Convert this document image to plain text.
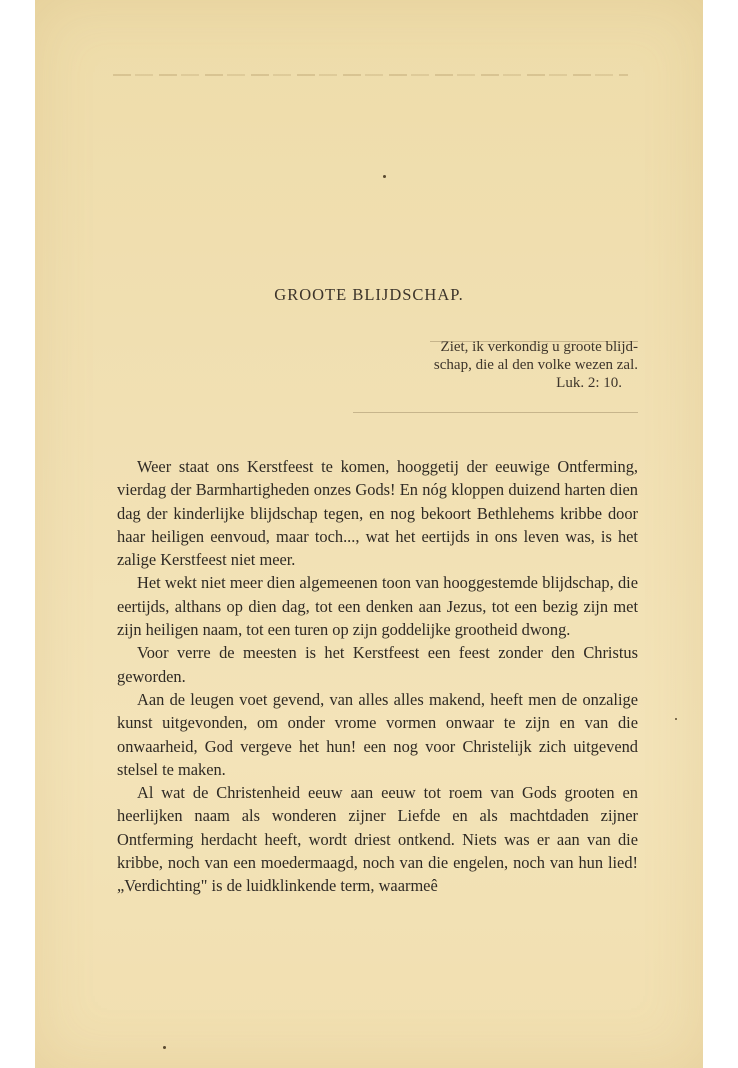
GROOTE BLIJDSCHAP.
Ziet, ik verkondig u groote blijd-
schap, die al den volke wezen zal.
Luk. 2: 10.

Weer staat ons Kerstfeest te komen, hooggetij der eeuwige Ontferming, vierdag der Barmhartigheden onzes Gods! En nóg kloppen duizend harten dien dag der kinderlijke blijdschap tegen, en nog bekoort Bethlehems kribbe door haar heiligen eenvoud, maar toch..., wat het eertijds in ons leven was, is het zalige Kerstfeest niet meer.

Het wekt niet meer dien algemeenen toon van hooggestemde blijdschap, die eertijds, althans op dien dag, tot een denken aan Jezus, tot een bezig zijn met zijn heiligen naam, tot een turen op zijn goddelijke grootheid dwong.

Voor verre de meesten is het Kerstfeest een feest zonder den Christus geworden.

Aan de leugen voet gevend, van alles alles makend, heeft men de onzalige kunst uitgevonden, om onder vrome vormen onwaar te zijn en van die onwaarheid, God vergeve het hun! een nog voor Christelijk zich uitgevend stelsel te maken.

Al wat de Christenheid eeuw aan eeuw tot roem van Gods grooten en heerlijken naam als wonderen zijner Liefde en als machtdaden zijner Ontferming herdacht heeft, wordt driest ontkend. Niets was er aan van die kribbe, noch van een moedermaagd, noch van die engelen, noch van hun lied! „Verdichting" is de luidklinkende term, waarmeê
